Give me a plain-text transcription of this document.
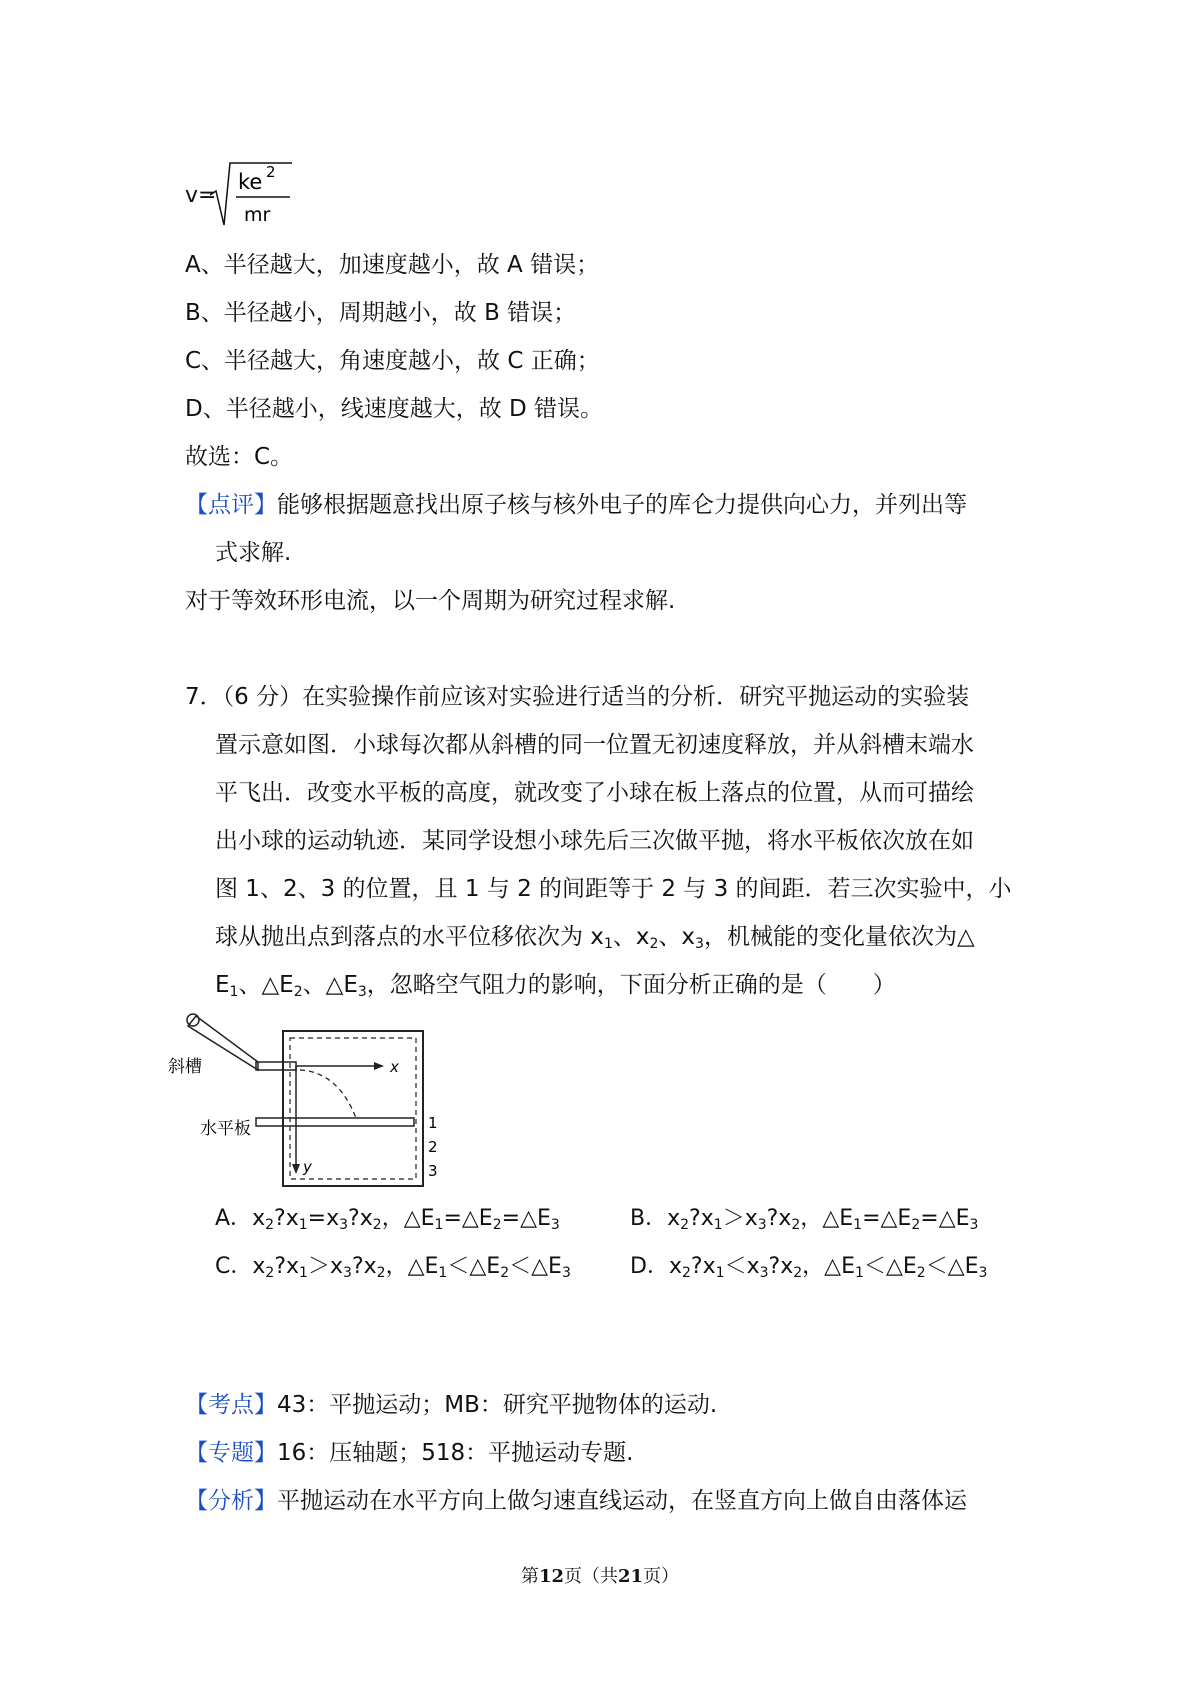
v=
ke 2
mr
A、半径越大，加速度越小，故 A 错误；
B、半径越小，周期越小，故 B 错误；
C、半径越大，角速度越小，故 C 正确；
D、半径越小，线速度越大，故 D 错误。
故选：C。
【点评】能够根据题意找出原子核与核外电子的库仑力提供向心力，并列出等
式求解.
对于等效环形电流，以一个周期为研究过程求解.
7．（6 分）在实验操作前应该对实验进行适当的分析．研究平抛运动的实验装
置示意如图．小球每次都从斜槽的同一位置无初速度释放，并从斜槽末端水
平飞出．改变水平板的高度，就改变了小球在板上落点的位置，从而可描绘
出小球的运动轨迹．某同学设想小球先后三次做平抛，将水平板依次放在如
图 1、2、3 的位置，且 1 与 2 的间距等于 2 与 3 的间距．若三次实验中，小
球从抛出点到落点的水平位移依次为 $x_1$、$x_2$、$x_3$，机械能的变化量依次为△
$E_1$、$\triangle E_2$、$\triangle E_3$，忽略空气阻力的影响，下面分析正确的是（　　）
x
y
斜槽
水平板	1
2
3
A．$x_2?x_1=x_3?x_2$，$\triangle E_1=\triangle E_2=\triangle E_3$	B．$x_2?x_1>x_3?x_2$，$\triangle E_1=\triangle E_2=\triangle E_3$
C．$x_2?x_1>x_3?x_2$，$\triangle E_1<\triangle E_2<\triangle E_3$	D．$x_2?x_1<x_3?x_2$，$\triangle E_1<\triangle E_2<\triangle E_3$
【考点】43：平抛运动；MB：研究平抛物体的运动.
【专题】16：压轴题；518：平抛运动专题.
【分析】平抛运动在水平方向上做匀速直线运动，在竖直方向上做自由落体运
第12页（共21页）
